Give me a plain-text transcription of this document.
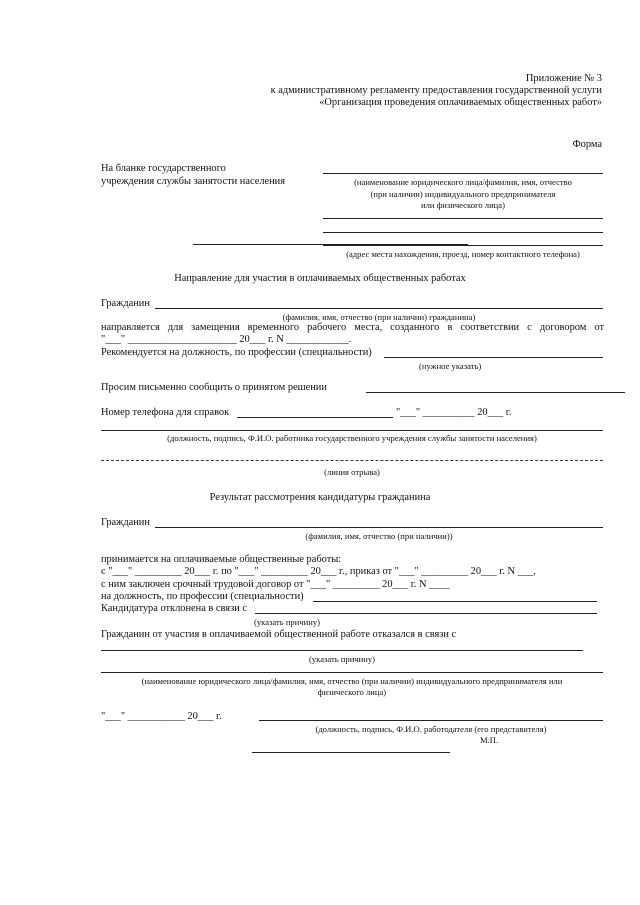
Приложение № 3
к административному регламенту предоставления государственной услуги
«Организация проведения оплачиваемых общественных работ»
Форма
На бланке государственного
учреждения службы занятости населения	(наименование юридического лица/фамилия, имя, отчество
(при наличии) индивидуального предпринимателя
или физического лица)
(адрес места нахождения, проезд, номер контактного телефона)
Направление для участия в оплачиваемых общественных работах
Гражданин
(фамилия, имя, отчество (при наличии) гражданина)
направляется для замещения временного рабочего места, созданного в соответствии с договором от
"___" _____________________ 20___ г. N ____________.
Рекомендуется на должность, по профессии (специальности)
(нужное указать)
Просим письменно сообщить о принятом решении
Номер телефона для справок	"___" __________ 20___ г.
(должность, подпись, Ф.И.О. работника государственного учреждения службы занятости населения)
(линия отрыва)
Результат рассмотрения кандидатуры гражданина
Гражданин
(фамилия, имя, отчество (при наличии))
принимается на оплачиваемые общественные работы:
с "___" _________ 20___ г. по "___" _________ 20___ г., приказ от "___" _________ 20___ г. N ___,
с ним заключен срочный трудовой договор от "___" _________ 20___ г. N ____
на должность, по профессии (специальности)
Кандидатура отклонена в связи с
(указать причину)
Гражданин от участия в оплачиваемой общественной работе отказался в связи с
(указать причину)
(наименование юридического лица/фамилия, имя, отчество (при наличии) индивидуального предпринимателя или
физического лица)
"___" ___________ 20___ г.
(должность, подпись, Ф.И.О. работодателя (его представителя)
М.П.
